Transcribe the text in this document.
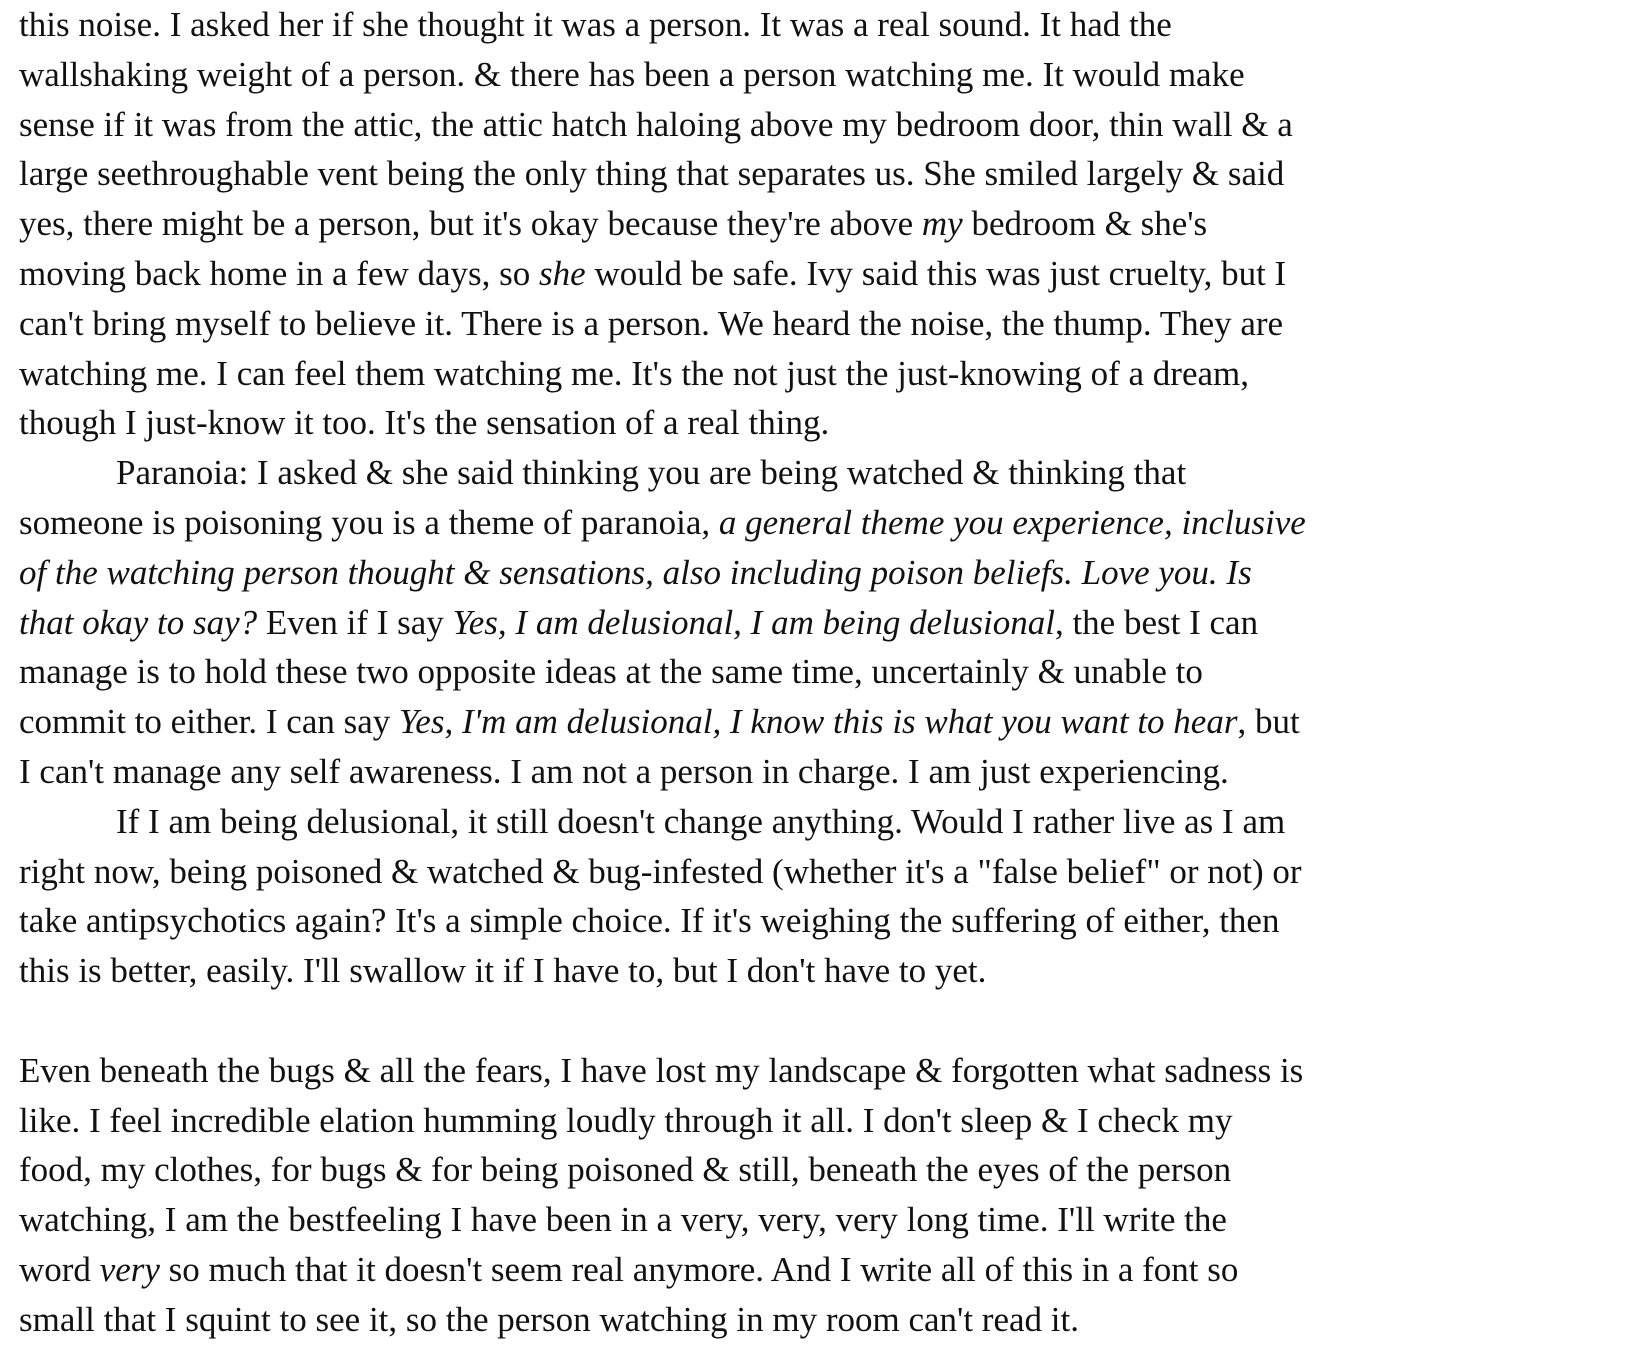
this noise. I asked her if she thought it was a person. It was a real sound. It had the
wallshaking weight of a person. & there has been a person watching me. It would make
sense if it was from the attic, the attic hatch haloing above my bedroom door, thin wall & a
large seethroughable vent being the only thing that separates us. She smiled largely & said
yes, there might be a person, but it's okay because they're above my bedroom & she's
moving back home in a few days, so she would be safe. Ivy said this was just cruelty, but I
can't bring myself to believe it. There is a person. We heard the noise, the thump. They are
watching me. I can feel them watching me. It's the not just the just-knowing of a dream,
though I just-know it too. It's the sensation of a real thing.
Paranoia: I asked & she said thinking you are being watched & thinking that
someone is poisoning you is a theme of paranoia, a general theme you experience, inclusive
of the watching person thought & sensations, also including poison beliefs. Love you. Is
that okay to say? Even if I say Yes, I am delusional, I am being delusional, the best I can
manage is to hold these two opposite ideas at the same time, uncertainly & unable to
commit to either. I can say Yes, I'm am delusional, I know this is what you want to hear, but
I can't manage any self awareness. I am not a person in charge. I am just experiencing.
If I am being delusional, it still doesn't change anything. Would I rather live as I am
right now, being poisoned & watched & bug-infested (whether it's a "false belief" or not) or
take antipsychotics again? It's a simple choice. If it's weighing the suffering of either, then
this is better, easily. I'll swallow it if I have to, but I don't have to yet.
Even beneath the bugs & all the fears, I have lost my landscape & forgotten what sadness is
like. I feel incredible elation humming loudly through it all. I don't sleep & I check my
food, my clothes, for bugs & for being poisoned & still, beneath the eyes of the person
watching, I am the bestfeeling I have been in a very, very, very long time. I'll write the
word very so much that it doesn't seem real anymore. And I write all of this in a font so
small that I squint to see it, so the person watching in my room can't read it.
